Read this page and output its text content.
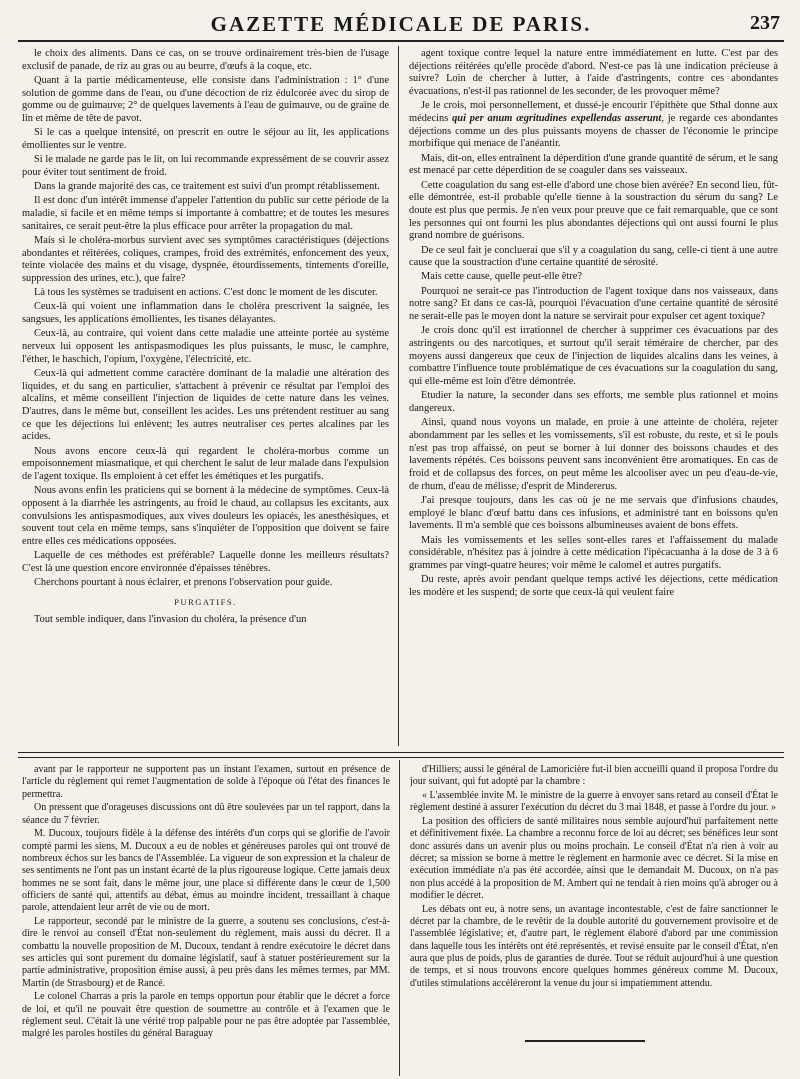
GAZETTE MÉDICALE DE PARIS.	237

le choix des aliments. Dans ce cas, on se trouve ordinairement très-bien de l'usage exclusif de panade, de riz au gras ou au beurre, d'œufs à la coque, etc.

Quant à la partie médicamenteuse, elle consiste dans l'administration : 1° d'une solution de gomme dans de l'eau, ou d'une décoction de riz édulcorée avec du sirop de gomme ou de guimauve; 2° de quelques lavements à l'eau de guimauve, ou de graine de lin et même de tête de pavot.

Si le cas a quelque intensité, on prescrit en outre le séjour au lit, les applications émollientes sur le ventre.

Si le malade ne garde pas le lit, on lui recommande expressément de se couvrir assez pour éviter tout sentiment de froid.

Dans la grande majorité des cas, ce traitement est suivi d'un prompt rétablissement.

Il est donc d'un intérêt immense d'appeler l'attention du public sur cette période de la maladie, si facile et en même temps si importante à combattre; et de toutes les mesures sanitaires, ce serait peut-être la plus efficace pour arrêter la propagation du mal.

Mais si le choléra-morbus survient avec ses symptômes caractéristiques (déjections abondantes et réitérées, coliques, crampes, froid des extrémités, enfoncement des yeux, teinte violacée des mains et du visage, dyspnée, étourdissements, tintements d'oreille, suppression des urines, etc.), que faire?

Là tous les systèmes se traduisent en actions. C'est donc le moment de les discuter.

Ceux-là qui voient une inflammation dans le choléra prescrivent la saignée, les sangsues, les applications émollientes, les tisanes délayantes.

Ceux-là, au contraire, qui voient dans cette maladie une atteinte portée au système nerveux lui opposent les antispasmodiques les plus puissants, le musc, le camphre, l'éther, le haschich, l'opium, l'oxygène, l'électricité, etc.

Ceux-là qui admettent comme caractère dominant de la maladie une altération des liquides, et du sang en particulier, s'attachent à prévenir ce résultat par l'emploi des alcalins, et même conseillent l'injection de liquides de cette nature dans les veines. D'autres, dans le même but, conseillent les acides. Les uns prétendent restituer au sang ce que les déjections lui enlèvent; les autres neutraliser ces pertes alcalines par les acides.

Nous avons encore ceux-là qui regardent le choléra-morbus comme un empoisonnement miasmatique, et qui cherchent le salut de leur malade dans l'expulsion de l'agent toxique. Ils emploient à cet effet les émétiques et les purgatifs.

Nous avons enfin les praticiens qui se bornent à la médecine de symptômes. Ceux-là opposent à la diarrhée les astringents, au froid le chaud, au collapsus les excitants, aux convulsions les antispasmodiques, aux vives douleurs les opiacés, les anesthésiques, et souvent tout cela en même temps, sans s'inquiéter de l'opposition que doivent se faire entre elles ces médications opposées.

Laquelle de ces méthodes est préférable? Laquelle donne les meilleurs résultats? C'est là une question encore environnée d'épaisses ténèbres.

Cherchons pourtant à nous éclairer, et prenons l'observation pour guide.

PURGATIFS.

Tout semble indiquer, dans l'invasion du choléra, la présence d'un

agent toxique contre lequel la nature entre immédiatement en lutte. C'est par des déjections réitérées qu'elle procède d'abord. N'est-ce pas là une indication précieuse à suivre? Loin de chercher à lutter, à l'aide d'astringents, contre ces abondantes évacuations, n'est-il pas rationnel de les seconder, de les provoquer même?

Je le crois, moi personnellement, et dussé-je encourir l'épithète que Sthal donne aux médecins qui per anum ægritudines expellendas asserunt, je regarde ces abondantes déjections comme un des plus puissants moyens de chasser de l'économie le principe morbifique qui menace de l'anéantir.

Mais, dit-on, elles entraînent la déperdition d'une grande quantité de sérum, et le sang est menacé par cette déperdition de se coaguler dans ses vaisseaux.

Cette coagulation du sang est-elle d'abord une chose bien avérée? En second lieu, fût-elle démontrée, est-il probable qu'elle tienne à la soustraction du sérum du sang? Le doute est plus que permis. Je n'en veux pour preuve que ce fait remarquable, que ce sont les personnes qui ont fourni les plus abondantes déjections qui ont aussi fourni le plus grand nombre de guérisons.

De ce seul fait je concluerai que s'il y a coagulation du sang, celle-ci tient à une autre cause que la soustraction d'une certaine quantité de sérosité.

Mais cette cause, quelle peut-elle être?

Pourquoi ne serait-ce pas l'introduction de l'agent toxique dans nos vaisseaux, dans notre sang? Et dans ce cas-là, pourquoi l'évacuation d'une certaine quantité de sérosité ne serait-elle pas le moyen dont la nature se servirait pour expulser cet agent toxique?

Je crois donc qu'il est irrationnel de chercher à supprimer ces évacuations par des astringents ou des narcotiques, et surtout qu'il serait téméraire de chercher, par des moyens aussi dangereux que ceux de l'injection de liquides alcalins dans les veines, à combattre l'influence toute problématique de ces évacuations sur la coagulation du sang, qui elle-même est loin d'être démontrée.

Etudier la nature, la seconder dans ses efforts, me semble plus rationnel et moins dangereux.

Ainsi, quand nous voyons un malade, en proie à une atteinte de choléra, rejeter abondamment par les selles et les vomissements, s'il est robuste, du reste, et si le pouls n'est pas trop affaissé, on peut se borner à lui donner des boissons chaudes et des lavements répétés. Ces boissons peuvent sans inconvénient être aromatiques. En cas de froid et de collapsus des forces, on peut même les alcooliser avec un peu d'eau-de-vie, de rhum, d'eau de mélisse, d'esprit de Mindererus.

J'ai presque toujours, dans les cas où je ne me servais que d'infusions chaudes, employé le blanc d'œuf battu dans ces infusions, et administré tant en boissons qu'en lavements. Il m'a semblé que ces boissons albumineuses avaient de bons effets.

Mais les vomissements et les selles sont-elles rares et l'affaissement du malade considérable, n'hésitez pas à joindre à cette médication l'ipécacuanha à la dose de 3 à 6 grammes par vingt-quatre heures; voir même le calomel et autres purgatifs.

Du reste, après avoir pendant quelque temps activé les déjections, cette médication les modère et les suspend; de sorte que ceux-là qui veulent faire

avant par le rapporteur ne supportent pas un instant l'examen, surtout en présence de l'article du règlement qui remet l'augmentation de solde à l'époque où l'état des finances le permettra.

On pressent que d'orageuses discussions ont dû être soulevées par un tel rapport, dans la séance du 7 février.

M. Ducoux, toujours fidèle à la défense des intérêts d'un corps qui se glorifie de l'avoir compté parmi les siens, M. Ducoux a eu de nobles et généreuses paroles qui ont trouvé de nombreux échos sur les bancs de l'Assemblée. La vigueur de son expression et la chaleur de ses sentiments ne l'ont pas un instant écarté de la plus rigoureuse logique. Cette jamais deux hommes ne se sont fait, dans le même jour, une place si différente dans le cœur de 1,500 officiers de santé qui, attentifs au débat, émus au moindre incident, tressaillant à chaque parole, attendaient leur arrêt de vie ou de mort.

Le rapporteur, secondé par le ministre de la guerre, a soutenu ses conclusions, c'est-à-dire le renvoi au conseil d'État non-seulement du règlement, mais aussi du décret. Il a combattu la nouvelle proposition de M. Ducoux, tendant à rendre exécutoire le décret dans ses articles qui sont purement du domaine législatif, sauf à statuer postérieurement sur la partie administrative, proposition émise aussi, à peu près dans les mêmes termes, par MM. Martin (de Strasbourg) et de Rancé.

Le colonel Charras a pris la parole en temps opportun pour établir que le décret a force de loi, et qu'il ne pouvait être question de soumettre au contrôle et à l'examen que le règlement seul. C'était là une vérité trop palpable pour ne pas être adoptée par l'assemblée, malgré les paroles hostiles du général Baraguay

d'Hilliers; aussi le général de Lamoricière fut-il bien accueilli quand il proposa l'ordre du jour suivant, qui fut adopté par la chambre :

« L'assemblée invite M. le ministre de la guerre à envoyer sans retard au conseil d'État le règlement destiné à assurer l'exécution du décret du 3 mai 1848, et passe à l'ordre du jour. »

La position des officiers de santé militaires nous semble aujourd'hui parfaitement nette et définitivement fixée. La chambre a reconnu force de loi au décret; ses bénéfices leur sont donc assurés dans un avenir plus ou moins prochain. Le conseil d'État n'a rien à voir au décret; sa mission se borne à mettre le règlement en harmonie avec ce décret. Si la mise en exécution immédiate n'a pas été accordée, ainsi que le demandait M. Ducoux, on n'a pas non plus accédé à la proposition de M. Ambert qui ne tendait à rien moins qu'à abroger ou à modifier le décret.

Les débats ont eu, à notre sens, un avantage incontestable, c'est de faire sanctionner le décret par la chambre, de le revêtir de la double autorité du gouvernement provisoire et de l'assemblée législative; et, d'autre part, le règlement élaboré d'abord par une commission dans laquelle tous les intérêts ont été représentés, et revisé ensuite par le conseil d'État, n'en aura que plus de poids, plus de garanties de durée. Tout se réduit aujourd'hui à une question de temps, et si nous trouvons encore quelques hommes généreux comme M. Ducoux, d'utiles stimulations accéléreront la venue du jour si impatiemment attendu.
